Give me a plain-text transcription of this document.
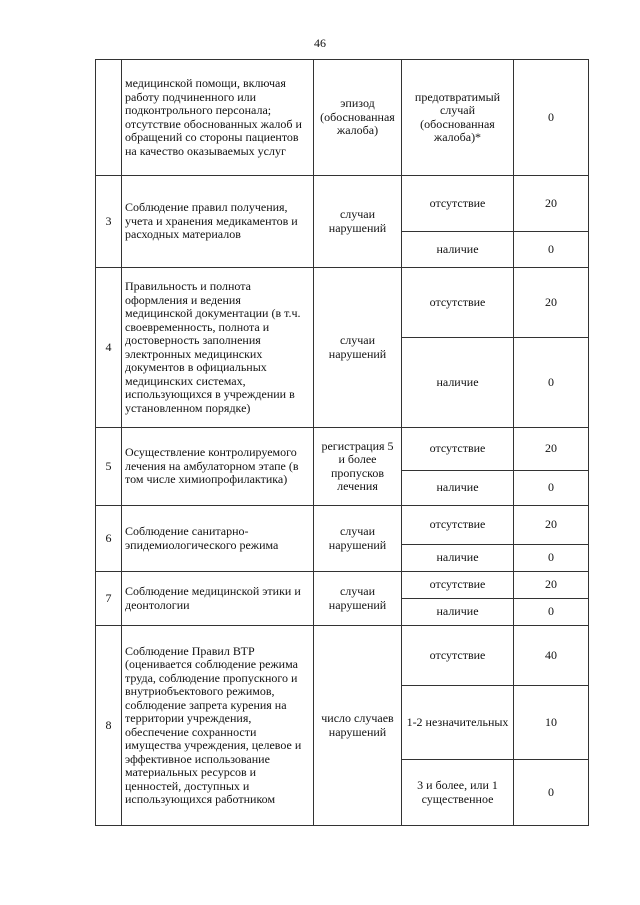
46
	медицинской помощи, включая работу подчиненного или подконтрольного персонала; отсутствие обоснованных жалоб и обращений со стороны пациентов на качество оказываемых услуг	эпизод (обоснованная жалоба)	предотвратимый случай (обоснованная жалоба)*	0
3	Соблюдение правил получения, учета и хранения медикаментов и расходных материалов	случаи нарушений	отсутствие	20
			наличие	0
4	Правильность и полнота оформления и ведения медицинской документации (в т.ч. своевременность, полнота и достоверность заполнения электронных медицинских документов в официальных медицинских системах, использующихся в учреждении в установленном порядке)	случаи нарушений	отсутствие	20
			наличие	0
5	Осуществление контролируемого лечения на амбулаторном этапе (в том числе химиопрофилактика)	регистрация 5 и более пропусков лечения	отсутствие	20
			наличие	0
6	Соблюдение санитарно-эпидемиологического режима	случаи нарушений	отсутствие	20
			наличие	0
7	Соблюдение медицинской этики и деонтологии	случаи нарушений	отсутствие	20
			наличие	0
8	Соблюдение Правил ВТР (оценивается соблюдение режима труда, соблюдение пропускного и внутриобъектового режимов, соблюдение запрета курения на территории учреждения, обеспечение сохранности имущества учреждения, целевое и эффективное использование материальных ресурсов и ценностей, доступных и использующихся работником	число случаев нарушений	отсутствие	40
			1-2 незначительных	10
			3 и более, или 1 существенное	0
